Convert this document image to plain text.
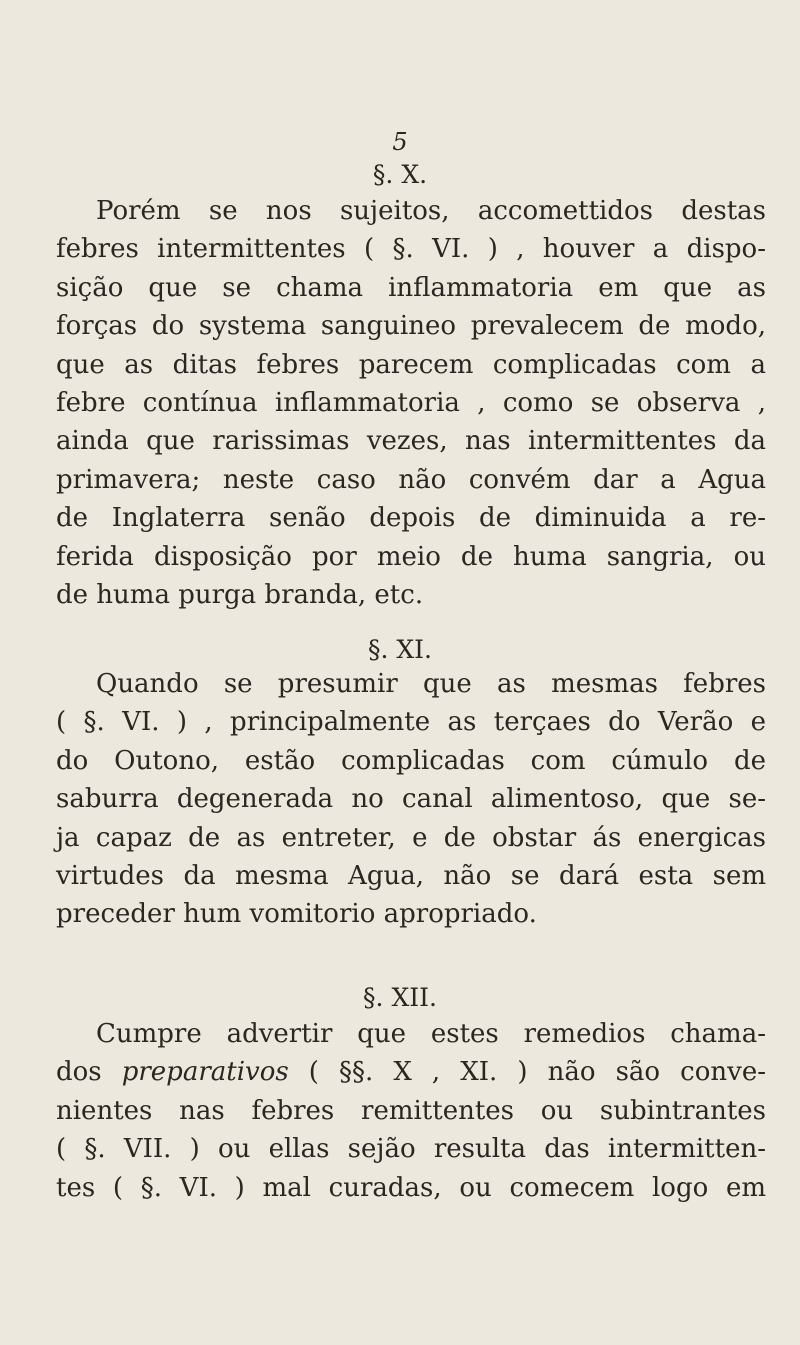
5
§. X.
Porém se nos sujeitos, accomettidos destas
febres intermittentes ( §. VI. ) , houver a dispo-
sição que se chama inflammatoria em que as
forças do systema sanguineo prevalecem de modo,
que as ditas febres parecem complicadas com a
febre contínua inflammatoria , como se observa ,
ainda que rarissimas vezes, nas intermittentes da
primavera; neste caso não convém dar a Agua
de Inglaterra senão depois de diminuida a re-
ferida disposição por meio de huma sangria, ou
de huma purga branda, etc.
§. XI.
Quando se presumir que as mesmas febres
( §. VI. ) , principalmente as terçaes do Verão e
do Outono, estão complicadas com cúmulo de
saburra degenerada no canal alimentoso, que se-
ja capaz de as entreter, e de obstar ás energicas
virtudes da mesma Agua, não se dará esta sem
preceder hum vomitorio apropriado.
§. XII.
Cumpre advertir que estes remedios chama-
dos preparativos ( §§. X , XI. ) não são conve-
nientes nas febres remittentes ou subintrantes
( §. VII. ) ou ellas sejão resulta das intermitten-
tes ( §. VI. ) mal curadas, ou comecem logo em
